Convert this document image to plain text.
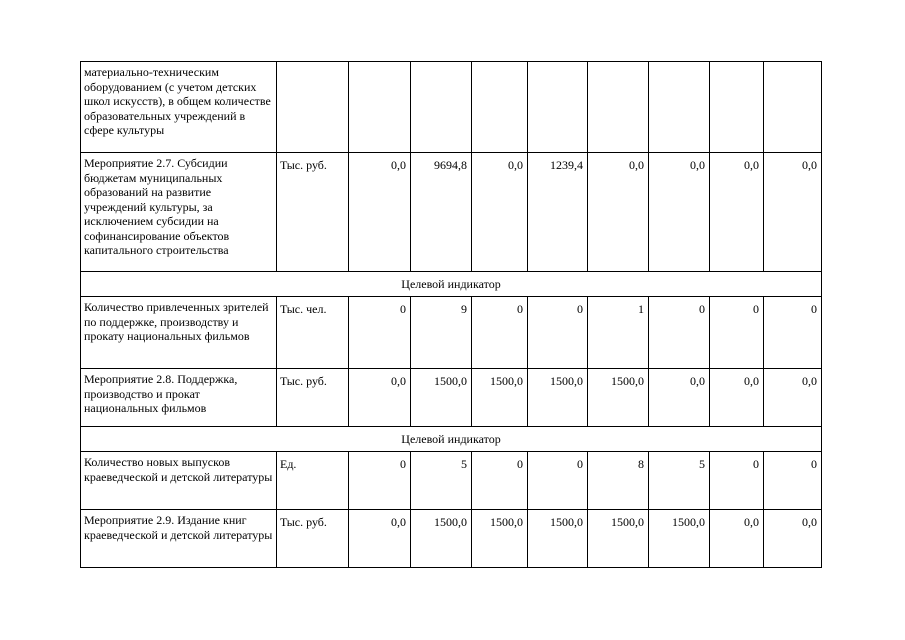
материально-техническим оборудованием (с учетом детских школ искусств), в общем количестве образовательных учреждений в сфере культуры									
Мероприятие 2.7. Субсидии бюджетам муниципальных образований на развитие учреждений культуры, за исключением субсидии на софинансирование объектов капитального строительства	Тыс. руб.	0,0	9694,8	0,0	1239,4	0,0	0,0	0,0	0,0
Целевой индикатор									
Количество привлеченных зрителей по поддержке, производству и прокату национальных фильмов	Тыс. чел.	0	9	0	0	1	0	0	0
Мероприятие 2.8. Поддержка, производство и прокат национальных фильмов	Тыс. руб.	0,0	1500,0	1500,0	1500,0	1500,0	0,0	0,0	0,0
Целевой индикатор									
Количество новых выпусков краеведческой и детской литературы	Ед.	0	5	0	0	8	5	0	0
Мероприятие 2.9. Издание книг краеведческой и детской литературы	Тыс. руб.	0,0	1500,0	1500,0	1500,0	1500,0	1500,0	0,0	0,0
